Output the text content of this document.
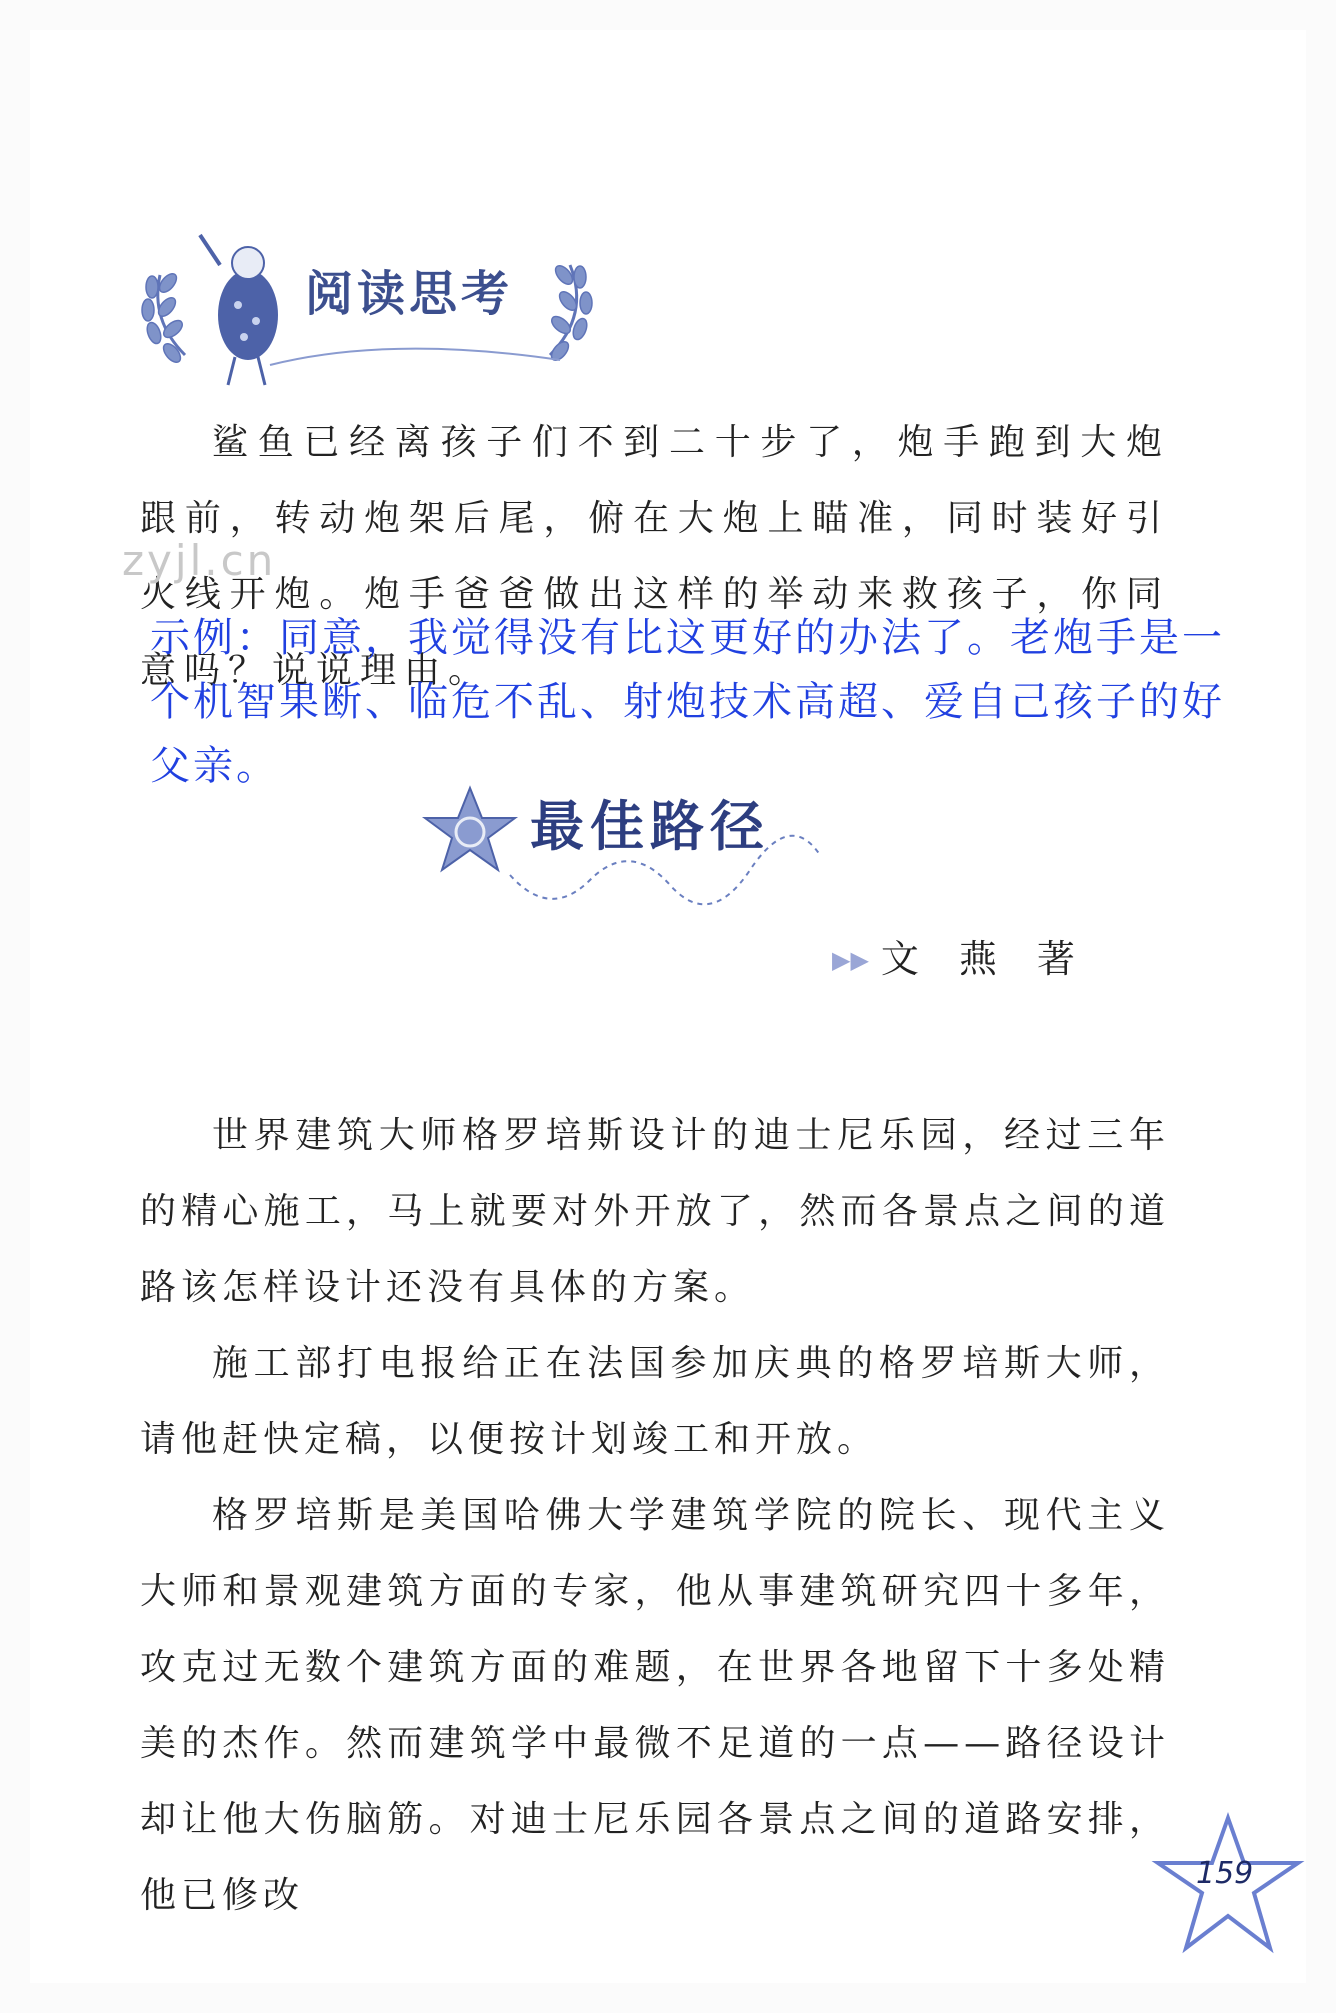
阅读思考

鲨鱼已经离孩子们不到二十步了，炮手跑到大炮跟前，转动炮架后尾，俯在大炮上瞄准，同时装好引火线开炮。炮手爸爸做出这样的举动来救孩子，你同意吗？说说理由。

zyjl.cn

示例：同意，我觉得没有比这更好的办法了。老炮手是一个机智果断、临危不乱、射炮技术高超、爱自己孩子的好父亲。

最佳路径
▶▶ 文燕著

世界建筑大师格罗培斯设计的迪士尼乐园，经过三年的精心施工，马上就要对外开放了，然而各景点之间的道路该怎样设计还没有具体的方案。

施工部打电报给正在法国参加庆典的格罗培斯大师，请他赶快定稿，以便按计划竣工和开放。

格罗培斯是美国哈佛大学建筑学院的院长、现代主义大师和景观建筑方面的专家，他从事建筑研究四十多年，攻克过无数个建筑方面的难题，在世界各地留下十多处精美的杰作。然而建筑学中最微不足道的一点——路径设计却让他大伤脑筋。对迪士尼乐园各景点之间的道路安排，他已修改

159
